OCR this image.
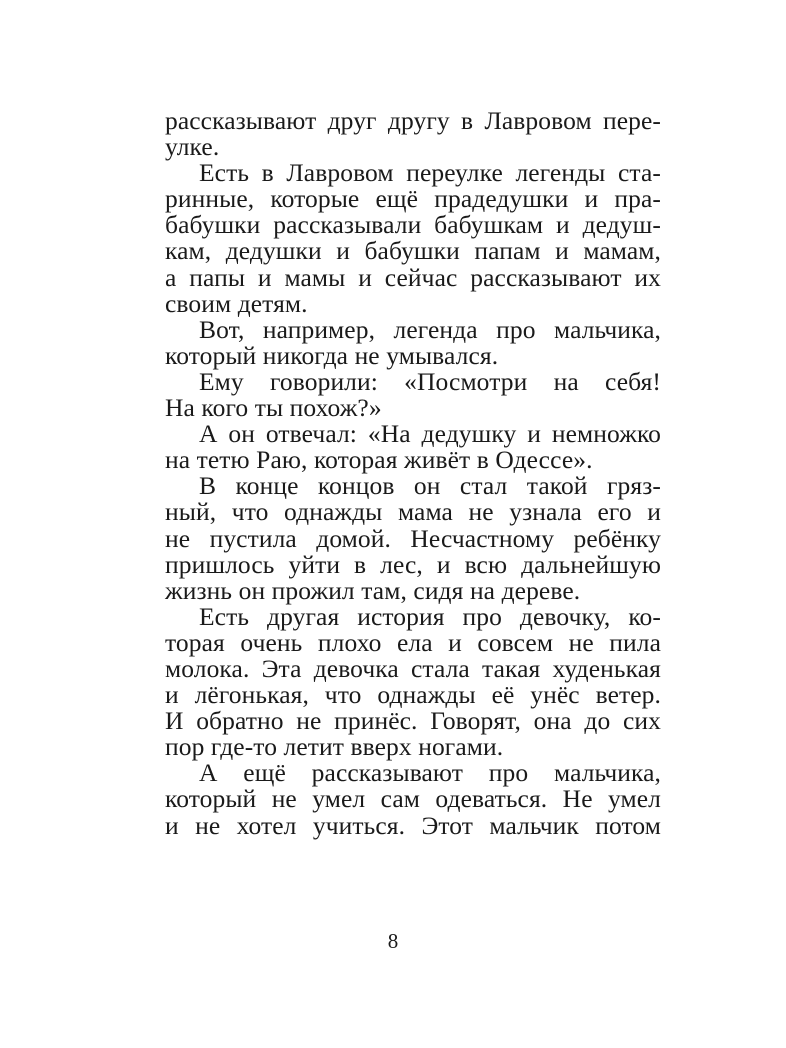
рассказывают друг другу в Лавровом пере-
улке.
Есть в Лавровом переулке легенды ста-
ринные, которые ещё прадедушки и пра-
бабушки рассказывали бабушкам и дедуш-
кам, дедушки и бабушки папам и мамам,
а папы и мамы и сейчас рассказывают их
своим детям.
Вот, например, легенда про мальчика,
который никогда не умывался.
Ему говорили: «Посмотри на себя!
На кого ты похож?»
А он отвечал: «На дедушку и немножко
на тетю Раю, которая живёт в Одессе».
В конце концов он стал такой гряз-
ный, что однажды мама не узнала его и
не пустила домой. Несчастному ребёнку
пришлось уйти в лес, и всю дальнейшую
жизнь он прожил там, сидя на дереве.
Есть другая история про девочку, ко-
торая очень плохо ела и совсем не пила
молока. Эта девочка стала такая худенькая
и лёгонькая, что однажды её унёс ветер.
И обратно не принёс. Говорят, она до сих
пор где-то летит вверх ногами.
А ещё рассказывают про мальчика,
который не умел сам одеваться. Не умел
и не хотел учиться. Этот мальчик потом
8
